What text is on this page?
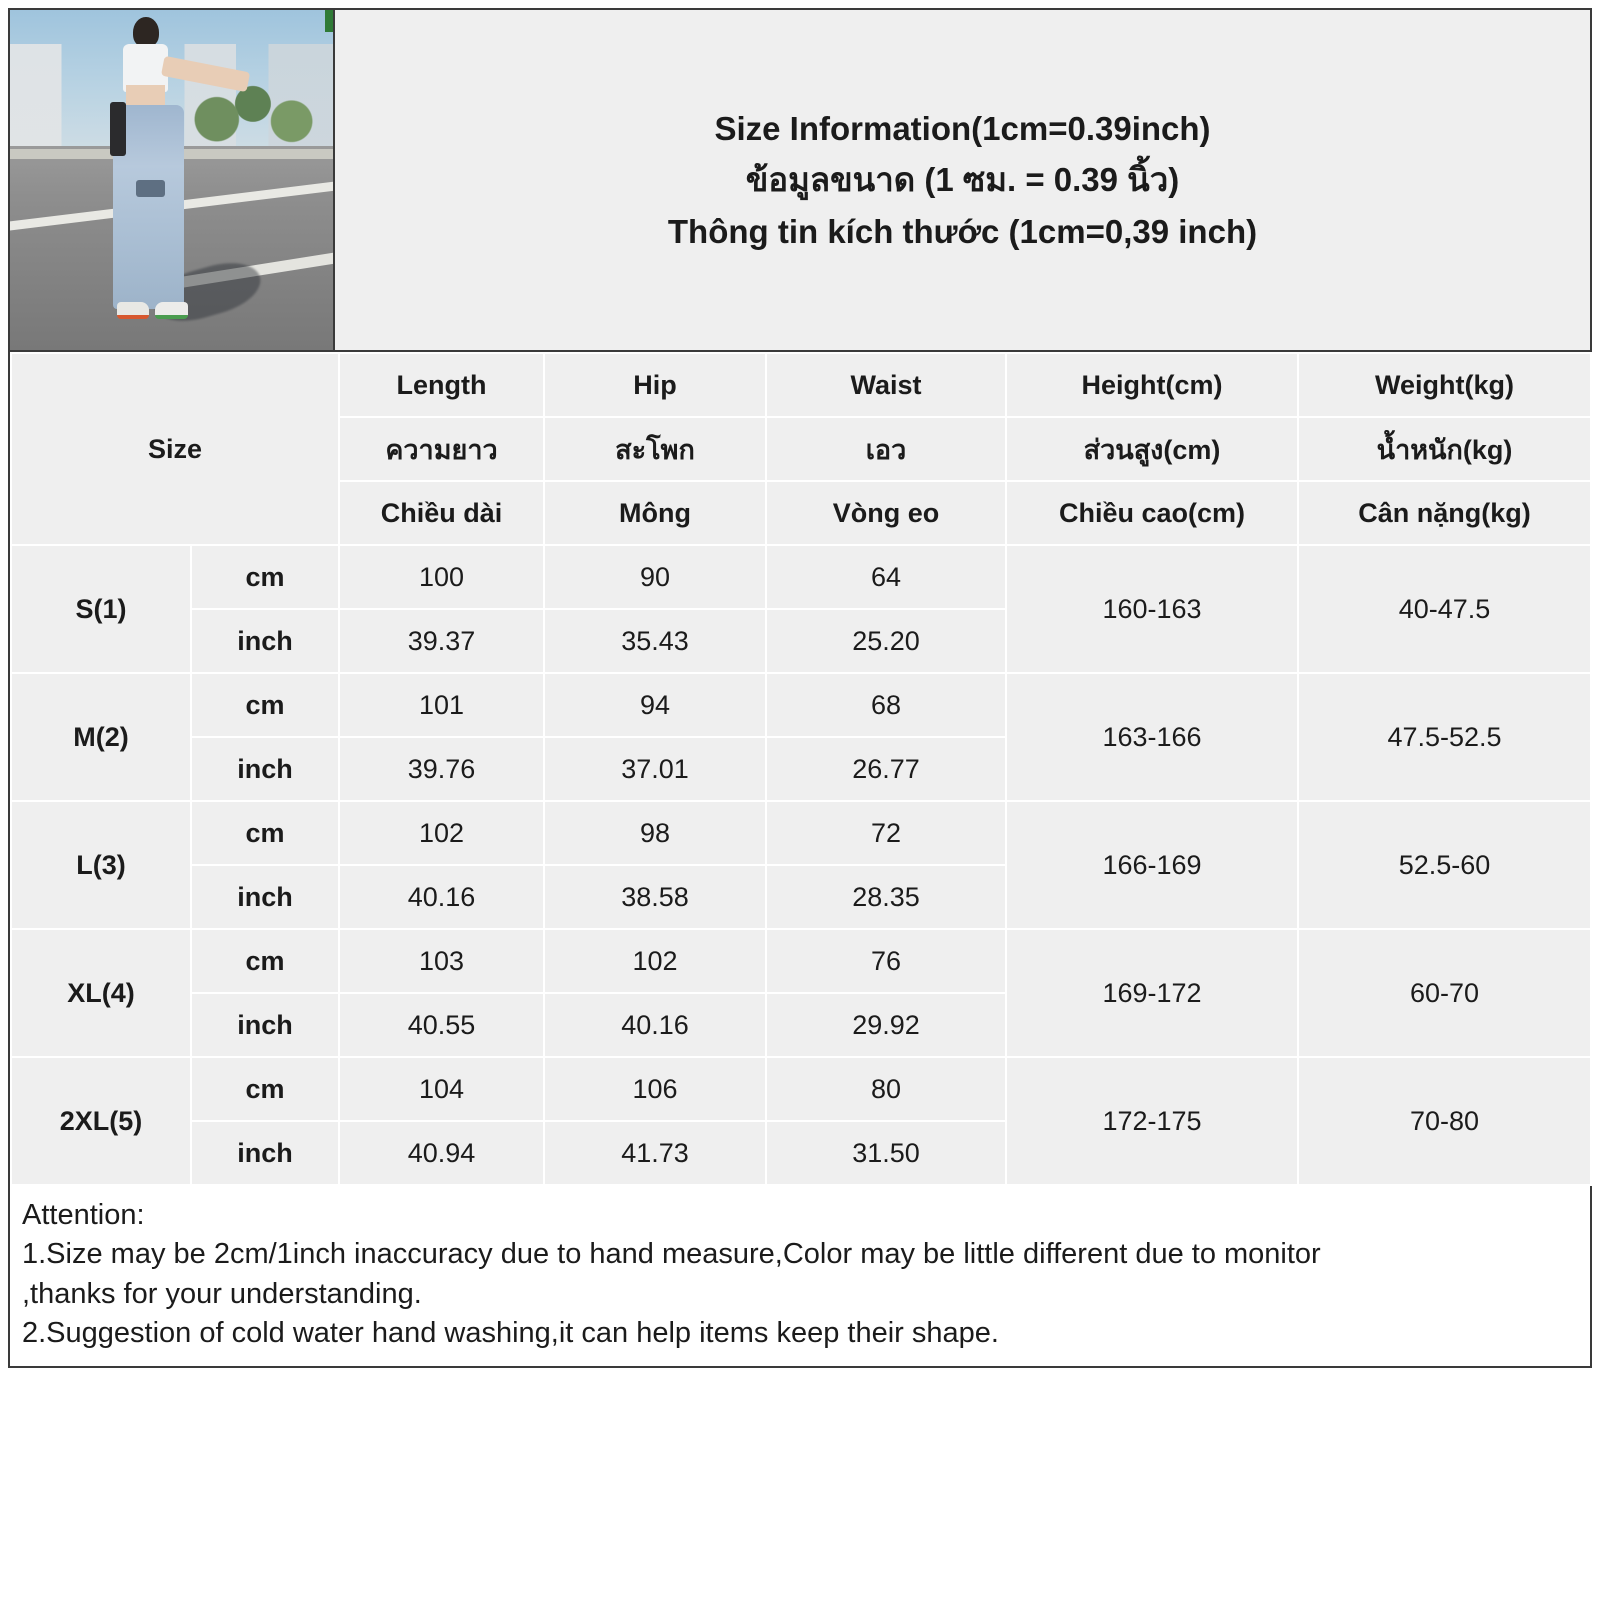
Size Information(1cm=0.39inch)
ข้อมูลขนาด (1 ซม. = 0.39 นิ้ว)
Thông tin kích thước (1cm=0,39 inch)
Size		Length	Hip	Waist	Height(cm)	Weight(kg)
		ความยาว	สะโพก	เอว	ส่วนสูง(cm)	น้ำหนัก(kg)
		Chiều dài	Mông	Vòng eo	Chiều cao(cm)	Cân nặng(kg)
S(1)	cm	100	90	64	160-163	40-47.5
	inch	39.37	35.43	25.20		
M(2)	cm	101	94	68	163-166	47.5-52.5
	inch	39.76	37.01	26.77		
L(3)	cm	102	98	72	166-169	52.5-60
	inch	40.16	38.58	28.35		
XL(4)	cm	103	102	76	169-172	60-70
	inch	40.55	40.16	29.92		
2XL(5)	cm	104	106	80	172-175	70-80
	inch	40.94	41.73	31.50		
Attention:
1.Size may be 2cm/1inch inaccuracy due to hand measure,Color may be little different due to monitor
,thanks for your understanding.
2.Suggestion of cold water hand washing,it can help items keep their shape.
